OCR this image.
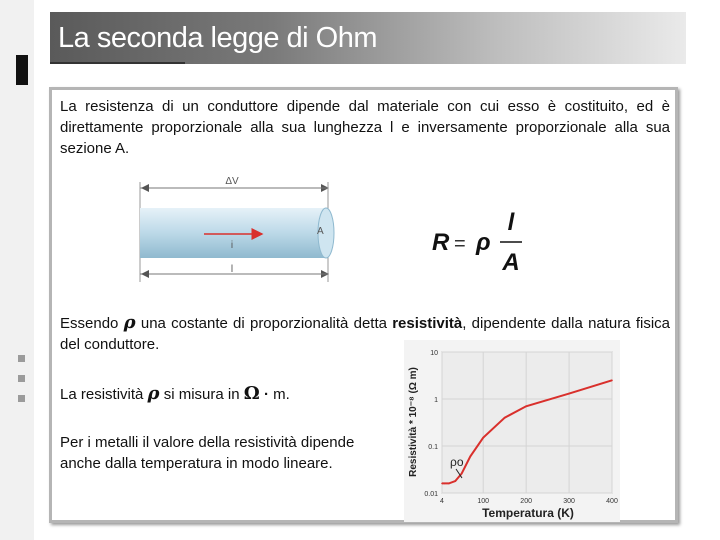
La seconda legge di Ohm
La resistenza di un conduttore dipende dal materiale con cui esso è costituito, ed è direttamente proporzionale alla sua lunghezza l e inversamente proporzionale alla sua sezione A.
ΔV
A
i
l
R = ρ
l
A
Essendo ρ una costante di proporzionalità detta resistività, dipendente dalla natura fisica del conduttore.
La resistività ρ si misura in Ω · m.
Per i metalli il valore della resistività dipende anche dalla temperatura in modo lineare.
0.01
0.1
1
10
4	100	200	300	400
ρo
Resistività * 10⁻⁸ (Ω m)
Temperatura (K)
